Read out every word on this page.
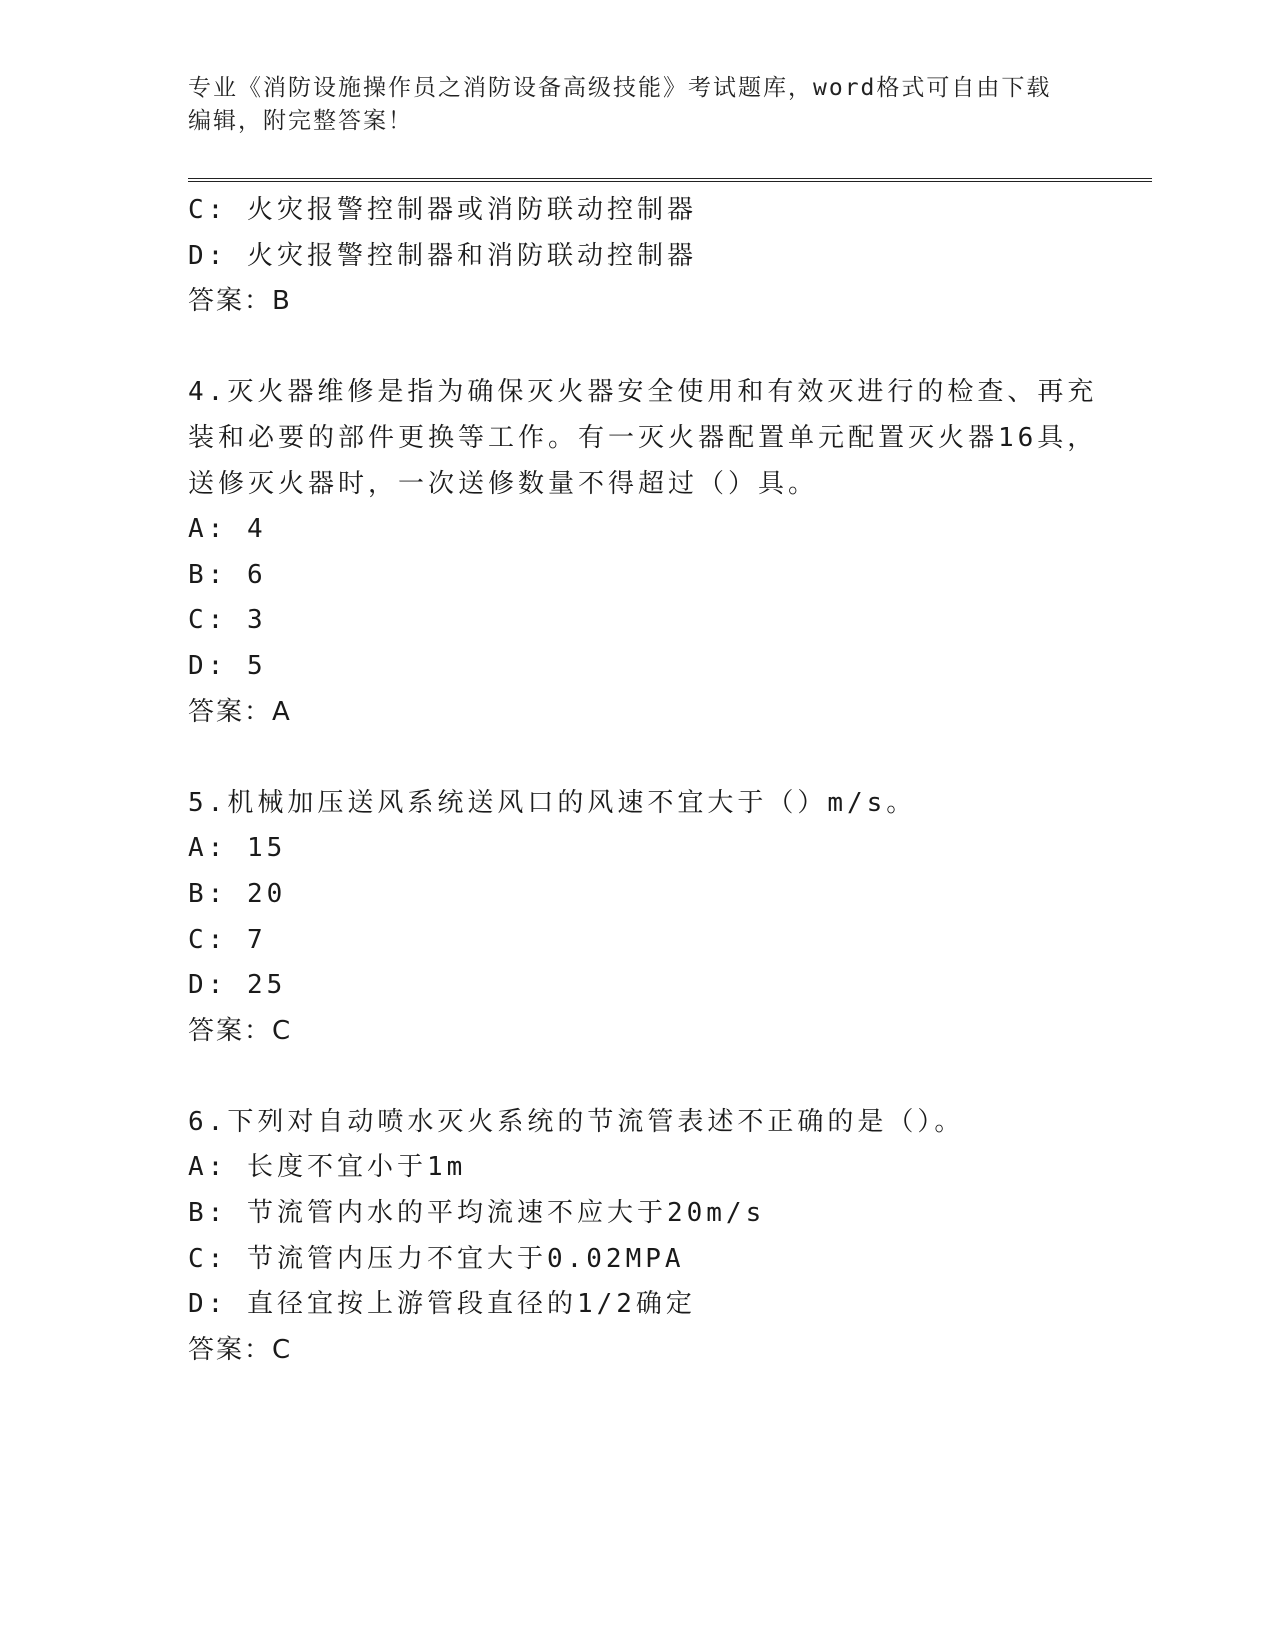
专业《消防设施操作员之消防设备高级技能》考试题库，word格式可自由下载编辑，附完整答案！
C: 火灾报警控制器或消防联动控制器
D: 火灾报警控制器和消防联动控制器
答案：B
4.灭火器维修是指为确保灭火器安全使用和有效灭进行的检查、再充
装和必要的部件更换等工作。有一灭火器配置单元配置灭火器16具，
送修灭火器时，一次送修数量不得超过（）具。
A: 4
B: 6
C: 3
D: 5
答案：A
5.机械加压送风系统送风口的风速不宜大于（）m/s。
A: 15
B: 20
C: 7
D: 25
答案：C
6.下列对自动喷水灭火系统的节流管表述不正确的是（）。
A: 长度不宜小于1m
B: 节流管内水的平均流速不应大于20m/s
C: 节流管内压力不宜大于0.02MPA
D: 直径宜按上游管段直径的1/2确定
答案：C
